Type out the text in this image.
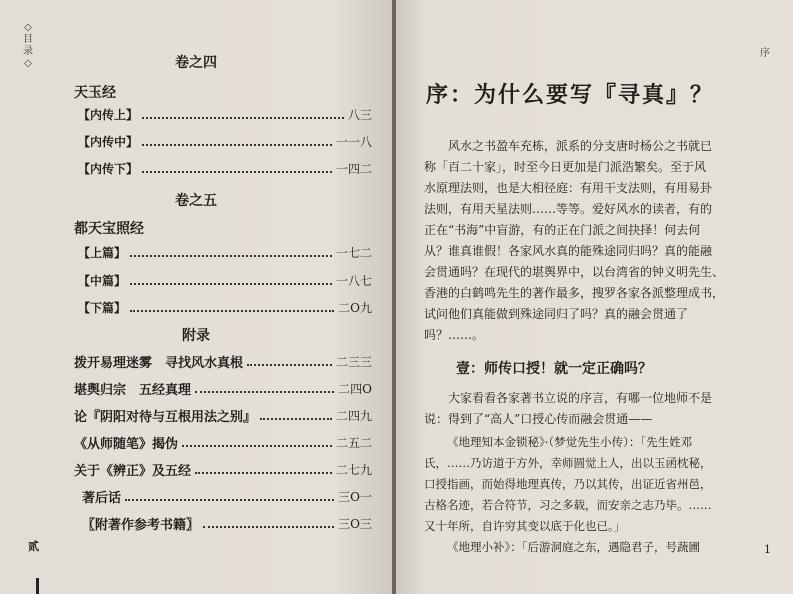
◇
目
录
◇	卷之四
天玉经
【内传上】	八三
【内传中】	一一八
【内传下】	一四二
卷之五
都天宝照经
【上篇】	一七二
【中篇】	一八七
【下篇】	二O九
附录
拨开易理迷雾　寻找风水真根	二三三
堪舆归宗　五经真理	二四O
论『阴阳对待与互根用法之别』	二四九
《从师随笔》揭伪	二五二
关于《辨正》及五经	二七九
著后话	三O一
〖附著作参考书籍〗	三O三
贰
序
序：为什么要写『寻真』？
风水之书盈车充栋，派系的分支唐时杨公之书就已
称「百二十家」，时至今日更加是门派浩繁矣。至于风
水原理法则，也是大相径庭：有用干支法则，有用易卦
法则，有用天星法则……等等。爱好风水的读者，有的
正在“书海”中盲游，有的正在门派之间抉择！何去何
从？谁真谁假！各家风水真的能殊途同归吗？真的能融
会贯通吗？在现代的堪舆界中，以台湾省的钟义明先生、
香港的白鹤鸣先生的著作最多，搜罗各家各派整理成书，
试问他们真能做到殊途同归了吗？真的融会贯通了
吗？……。
壹：师传口授！就一定正确吗？
大家看看各家著书立说的序言，有哪一位地师不是
说：得到了“高人”口授心传而融会贯通——
《地理知本金锁秘》·（梦觉先生小传）：「先生姓邓
氏，……乃访道于方外，幸师圆觉上人，出以玉函枕秘，
口授指画，而始得地理真传，乃以其传，出证近省州邑，
古格名迹，若合符节，习之多载，而安亲之志乃毕。……
又十年所，自许穷其变以底于化也已。」
《地理小补》：「后游洞庭之东，遇隐君子，号蔬圃	1
